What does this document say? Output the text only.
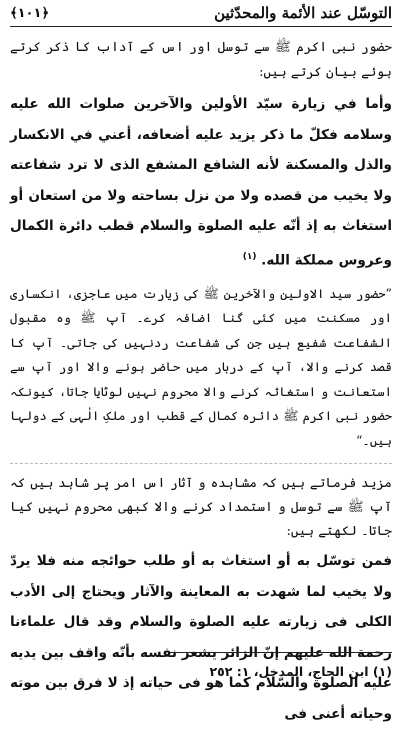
التوسّل عند الأئمة والمحدّثين
﴿١٠١﴾

حضور نبی اکرم ﷺ سے توسل اور اس کے آداب کا ذکر کرتے ہوئے بیان کرتے ہیں:

وأما في زيارة سيّد الأولين والآخرين صلوات الله عليه وسلامه فكلّ ما ذكر يزيد عليه أضعافه، أعني في الانكسار والذل والمسكنة لأنه الشافع المشفع الذى لا ترد شفاعته ولا يخيب من قصده ولا من نزل بساحته ولا من استعان أو استغاث به إذ أنّه عليه الصلوة والسلام قطب دائرة الكمال وعروس مملكة الله. $^{(١)}$

”حضور سید الاولین والآخرین ﷺ کی زیارت میں عاجزی، انکساری اور مسکنت میں کئی گنا اضافہ کرے۔ آپ ﷺ وہ مقبول الشفاعت شفیع ہیں جن کی شفاعت ردنہیں کی جاتی۔ آپ کا قصد کرنے والا، آپ کے دربار میں حاضر ہونے والا اور آپ سے استعانت و استغاثہ کرنے والا محروم نہیں لوٹایا جاتا، کیونکہ حضور نبی اکرم ﷺ دائرہ کمال کے قطب اور ملکِ الٰہی کے دولہا ہیں۔“

مزید فرماتے ہیں کہ مشاہدہ و آثار اس امر پر شاہد ہیں کہ آپ ﷺ سے توسل و استمداد کرنے والا کبھی محروم نہیں کیا جاتا۔ لکھتے ہیں:

فمن توسّل به أو استغاث به أو طلب حوائجه منه فلا يردّ ولا يخيب لما شهدت به المعاينة والآثار ويحتاج إلى الأدب الكلى فى زيارته عليه الصلوة والسلام وقد قال علماءنا رحمة الله عليهم إنّ الزائر يشعر نفسه بأنّه واقف بين يديه عليه الصلوة والسّلام كما هو فى حياته إذ لا فرق بين موته وحياته أعنى فى

(١) ابن الحاج، المدخل، ١: ٢٥٢
